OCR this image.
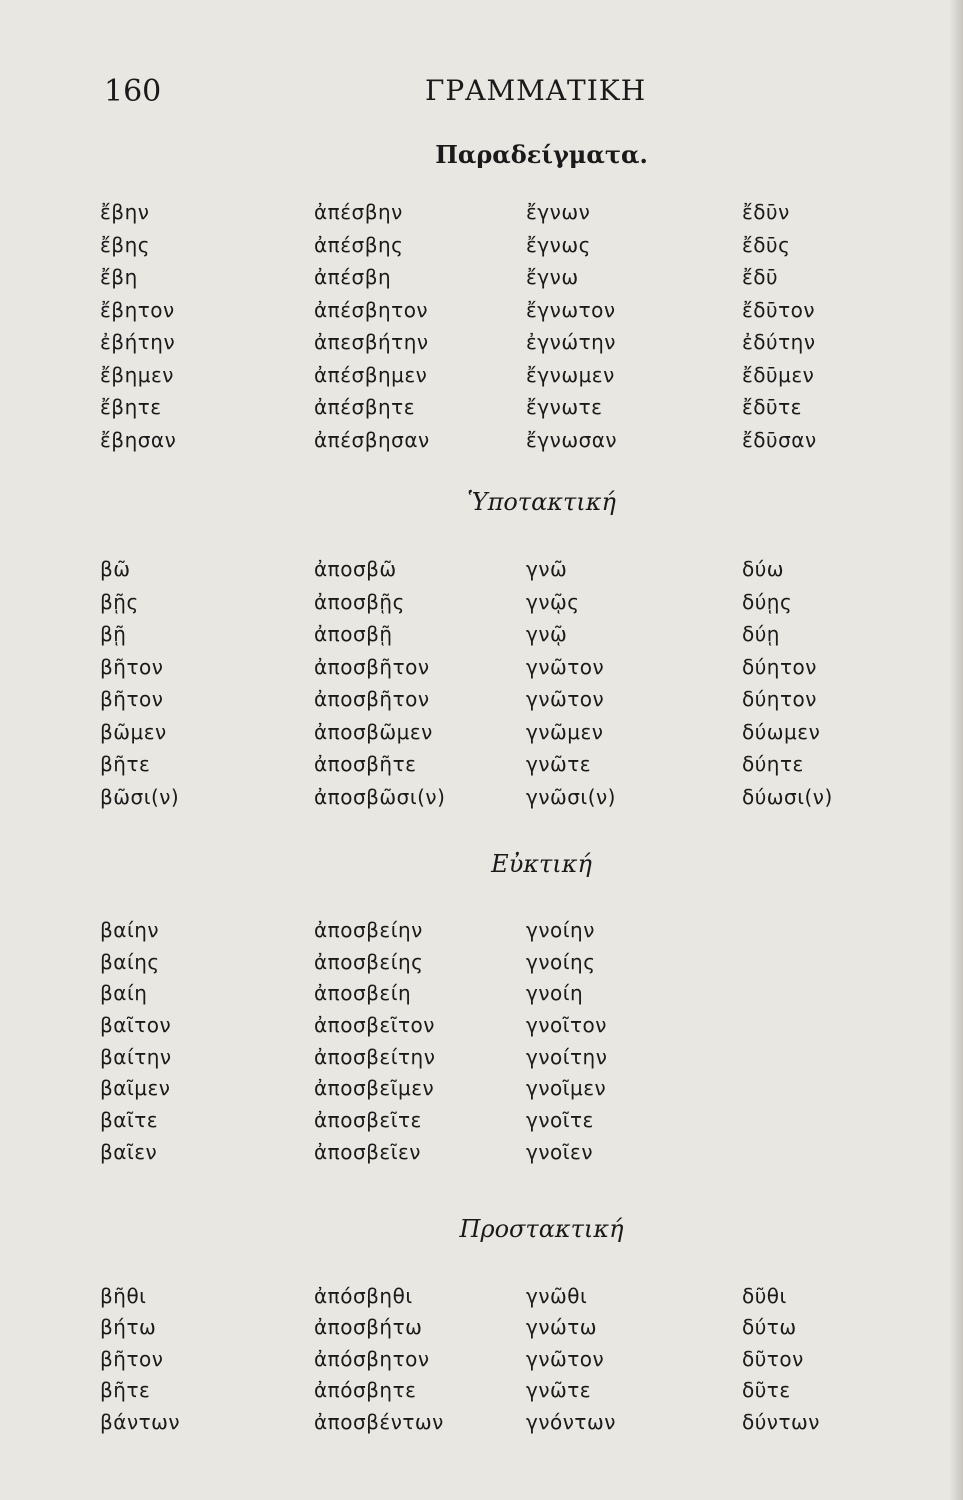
160	ΓΡΑΜΜΑΤΙΚΗ
Παραδείγματα.
ἔβην	ἀπέσβην	ἔγνων	ἔδῡν
ἔβης	ἀπέσβης	ἔγνως	ἔδῡς
ἔβη	ἀπέσβη	ἔγνω	ἔδῡ
ἔβητον	ἀπέσβητον	ἔγνωτον	ἔδῡτον
ἐβήτην	ἀπεσβήτην	ἐγνώτην	ἐδύτην
ἔβημεν	ἀπέσβημεν	ἔγνωμεν	ἔδῡμεν
ἔβητε	ἀπέσβητε	ἔγνωτε	ἔδῡτε
ἔβησαν	ἀπέσβησαν	ἔγνωσαν	ἔδῡσαν
Ὑποτακτική
βῶ	ἀποσβῶ	γνῶ	δύω
βῇς	ἀποσβῇς	γνῷς	δύῃς
βῇ	ἀποσβῇ	γνῷ	δύῃ
βῆτον	ἀποσβῆτον	γνῶτον	δύητον
βῆτον	ἀποσβῆτον	γνῶτον	δύητον
βῶμεν	ἀποσβῶμεν	γνῶμεν	δύωμεν
βῆτε	ἀποσβῆτε	γνῶτε	δύητε
βῶσι(ν)	ἀποσβῶσι(ν)	γνῶσι(ν)	δύωσι(ν)
Εὐκτική
βαίην	ἀποσβείην	γνοίην
βαίης	ἀποσβείης	γνοίης
βαίη	ἀποσβείη	γνοίη
βαῖτον	ἀποσβεῖτον	γνοῖτον
βαίτην	ἀποσβείτην	γνοίτην
βαῖμεν	ἀποσβεῖμεν	γνοῖμεν
βαῖτε	ἀποσβεῖτε	γνοῖτε
βαῖεν	ἀποσβεῖεν	γνοῖεν
Προστακτική
βῆθι	ἀπόσβηθι	γνῶθι	δῦθι
βήτω	ἀποσβήτω	γνώτω	δύτω
βῆτον	ἀπόσβητον	γνῶτον	δῦτον
βῆτε	ἀπόσβητε	γνῶτε	δῦτε
βάντων	ἀποσβέντων	γνόντων	δύντων
